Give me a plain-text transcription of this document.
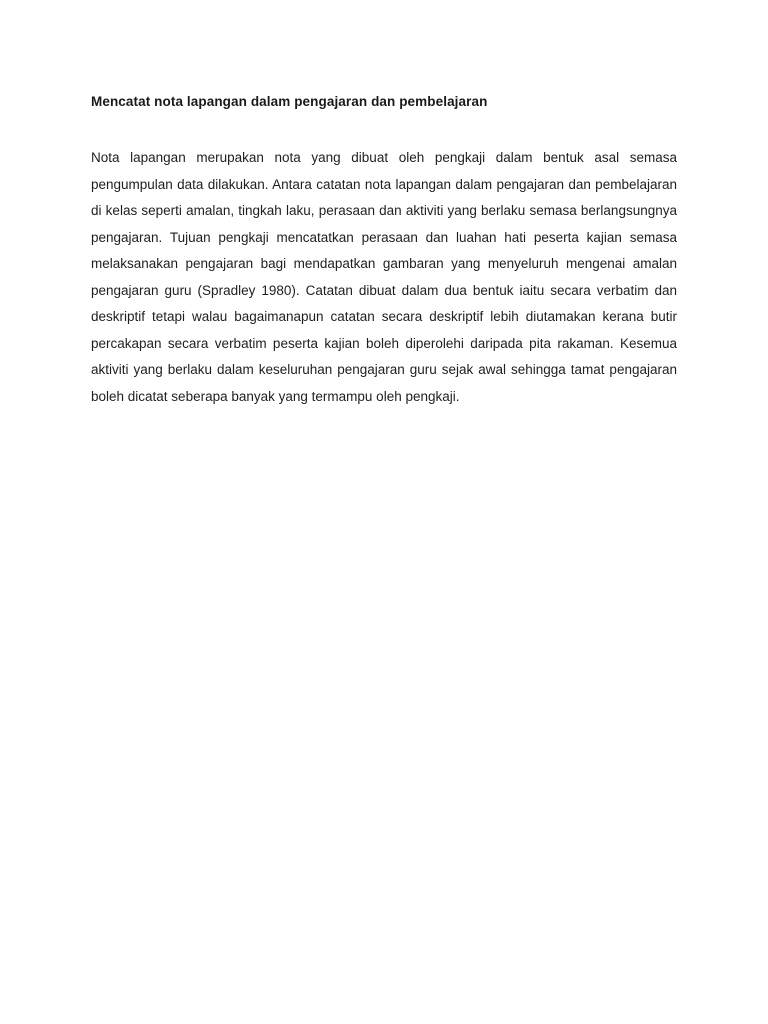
Mencatat nota lapangan dalam pengajaran dan pembelajaran

Nota lapangan merupakan nota yang dibuat oleh pengkaji dalam bentuk asal semasa pengumpulan data dilakukan. Antara catatan nota lapangan dalam pengajaran dan pembelajaran di kelas seperti amalan, tingkah laku, perasaan dan aktiviti yang berlaku semasa berlangsungnya pengajaran. Tujuan pengkaji mencatatkan perasaan dan luahan hati peserta kajian semasa melaksanakan pengajaran bagi mendapatkan gambaran yang menyeluruh mengenai amalan pengajaran guru (Spradley 1980). Catatan dibuat dalam dua bentuk iaitu secara verbatim dan deskriptif tetapi walau bagaimanapun catatan secara deskriptif lebih diutamakan kerana butir percakapan secara verbatim peserta kajian boleh diperolehi daripada pita rakaman. Kesemua aktiviti yang berlaku dalam keseluruhan pengajaran guru sejak awal sehingga tamat pengajaran boleh dicatat seberapa banyak yang termampu oleh pengkaji.
